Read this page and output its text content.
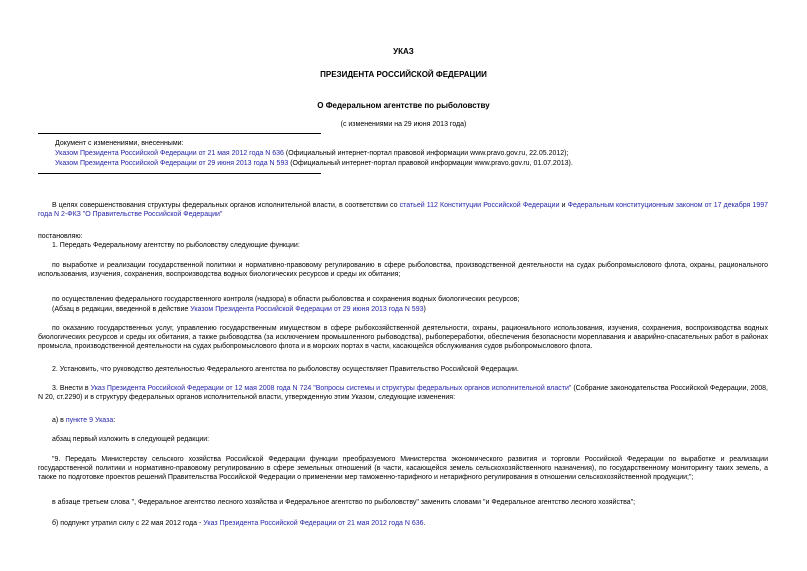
УКАЗ
ПРЕЗИДЕНТА РОССИЙСКОЙ ФЕДЕРАЦИИ
О Федеральном агентстве по рыболовству
(с изменениями на 29 июня 2013 года)

Документ с изменениями, внесенными:

Указом Президента Российской Федерации от 21 мая 2012 года N 636 (Официальный интернет-портал правовой информации www.pravo.gov.ru, 22.05.2012);

Указом Президента Российской Федерации от 29 июня 2013 года N 593 (Официальный интернет-портал правовой информации www.pravo.gov.ru, 01.07.2013).

В целях совершенствования структуры федеральных органов исполнительной власти, в соответствии со статьей 112 Конституции Российской Федерации и Федеральным конституционным законом от 17 декабря 1997 года N 2-ФКЗ "О Правительстве Российской Федерации"

постановляю:

1. Передать Федеральному агентству по рыболовству следующие функции:

по выработке и реализации государственной политики и нормативно-правовому регулированию в сфере рыболовства, производственной деятельности на судах рыбопромыслового флота, охраны, рационального использования, изучения, сохранения, воспроизводства водных биологических ресурсов и среды их обитания;

по осуществлению федерального государственного контроля (надзора) в области рыболовства и сохранения водных биологических ресурсов;

(Абзац в редакции, введенной в действие Указом Президента Российской Федерации от 29 июня 2013 года N 593)

по оказанию государственных услуг, управлению государственным имуществом в сфере рыбохозяйственной деятельности, охраны, рационального использования, изучения, сохранения, воспроизводства водных биологических ресурсов и среды их обитания, а также рыбоводства (за исключением промышленного рыбоводства), рыбопереработки, обеспечения безопасности мореплавания и аварийно-спасательных работ в районах промысла, производственной деятельности на судах рыбопромыслового флота и в морских портах в части, касающейся обслуживания судов рыбопромыслового флота.

2. Установить, что руководство деятельностью Федерального агентства по рыболовству осуществляет Правительство Российской Федерации.

3. Внести в Указ Президента Российской Федерации от 12 мая 2008 года N 724 "Вопросы системы и структуры федеральных органов исполнительной власти" (Собрание законодательства Российской Федерации, 2008, N 20, ст.2290) и в структуру федеральных органов исполнительной власти, утвержденную этим Указом, следующие изменения:

а) в пункте 9 Указа:

абзац первый изложить в следующей редакции:

"9. Передать Министерству сельского хозяйства Российской Федерации функции преобразуемого Министерства экономического развития и торговли Российской Федерации по выработке и реализации государственной политики и нормативно-правовому регулированию в сфере земельных отношений (в части, касающейся земель сельскохозяйственного назначения), по государственному мониторингу таких земель, а также по подготовке проектов решений Правительства Российской Федерации о применении мер таможенно-тарифного и нетарифного регулирования в отношении сельскохозяйственной продукции;";

в абзаце третьем слова ", Федеральное агентство лесного хозяйства и Федеральное агентство по рыболовству" заменить словами "и Федеральное агентство лесного хозяйства";

б) подпункт утратил силу с 22 мая 2012 года - Указ Президента Российской Федерации от 21 мая 2012 года N 636.
